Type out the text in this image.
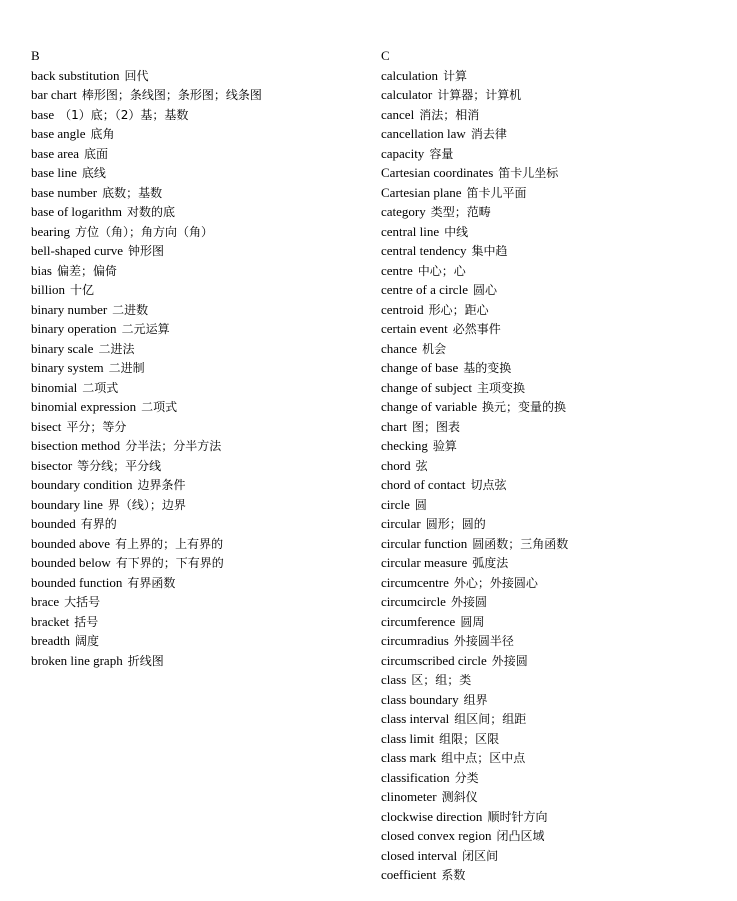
B
back substitution 回代
bar chart 棒形图；条线图；条形图；线条图
base （1）底；（2）基；基数
base angle 底角
base area 底面
base line 底线
base number 底数；基数
base of logarithm 对数的底
bearing 方位（角）；角方向（角）
bell-shaped curve 钟形图
bias 偏差；偏倚
billion 十亿
binary number 二进数
binary operation 二元运算
binary scale 二进法
binary system 二进制
binomial 二项式
binomial expression 二项式
bisect 平分；等分
bisection method 分半法；分半方法
bisector 等分线；平分线
boundary condition 边界条件
boundary line 界（线）；边界
bounded 有界的
bounded above 有上界的；上有界的
bounded below 有下界的；下有界的
bounded function 有界函数
brace 大括号
bracket 括号
breadth 阔度
broken line graph 折线图
C
calculation 计算
calculator 计算器；计算机
cancel 消法；相消
cancellation law 消去律
capacity 容量
Cartesian coordinates 笛卡儿坐标
Cartesian plane 笛卡儿平面
category 类型；范畴
central line 中线
central tendency 集中趋
centre 中心；心
centre of a circle 圆心
centroid 形心；距心
certain event 必然事件
chance 机会
change of base 基的变换
change of subject 主项变换
change of variable 换元；变量的换
chart 图；图表
checking 验算
chord 弦
chord of contact 切点弦
circle 圆
circular 圆形；圆的
circular function 圆函数；三角函数
circular measure 弧度法
circumcentre 外心；外接圆心
circumcircle 外接圆
circumference 圆周
circumradius 外接圆半径
circumscribed circle 外接圆
class 区；组；类
class boundary 组界
class interval 组区间；组距
class limit 组限；区限
class mark 组中点；区中点
classification 分类
clinometer 测斜仪
clockwise direction 顺时针方向
closed convex region 闭凸区域
closed interval 闭区间
coefficient 系数
